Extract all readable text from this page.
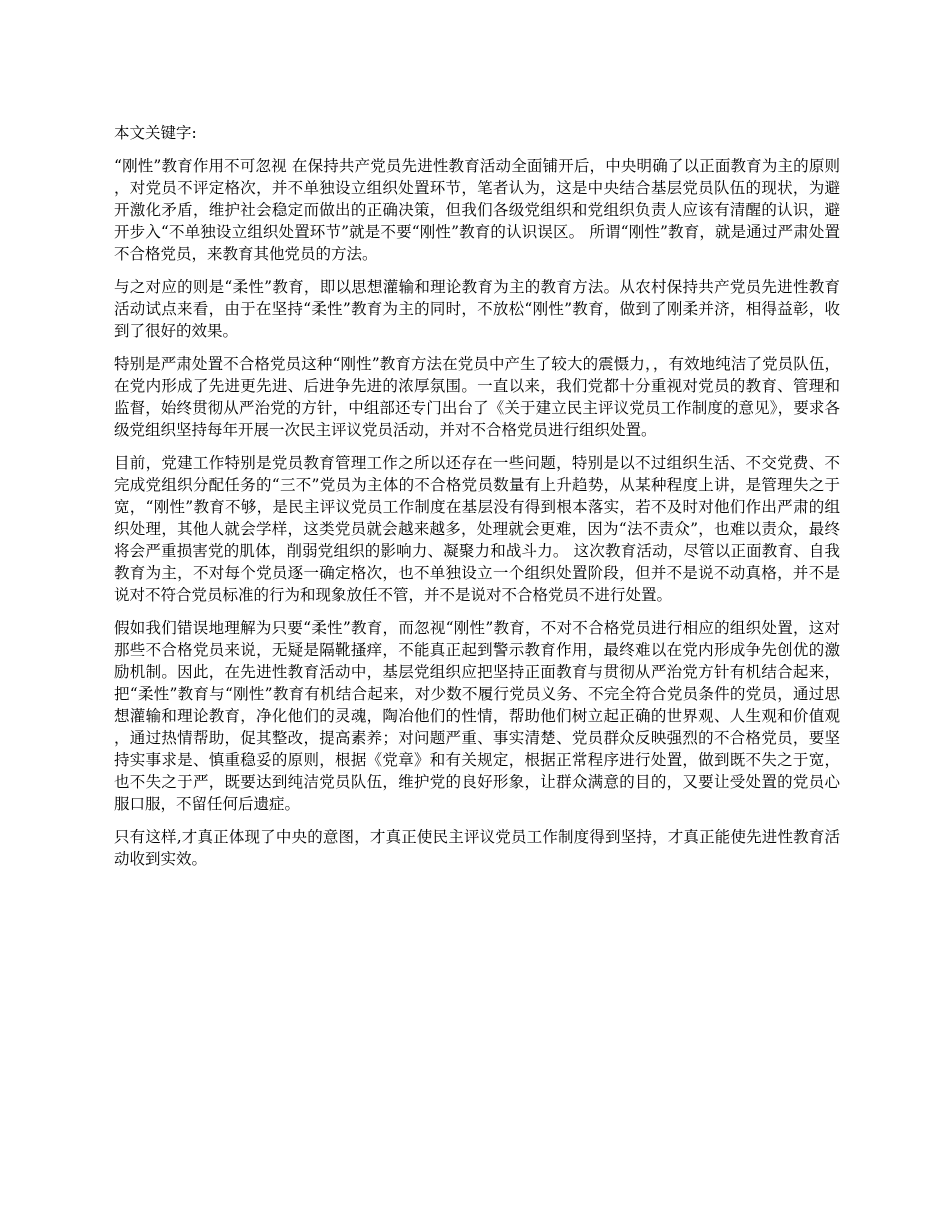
本文关键字:

“刚性”教育作用不可忽视 在保持共产党员先进性教育活动全面铺开后，中央明确了以正面教育为主的原则，对党员不评定格次，并不单独设立组织处置环节，笔者认为，这是中央结合基层党员队伍的现状，为避开激化矛盾，维护社会稳定而做出的正确决策，但我们各级党组织和党组织负责人应该有清醒的认识，避开步入“不单独设立组织处置环节”就是不要“刚性”教育的认识误区。 所谓“刚性”教育，就是通过严肃处置不合格党员，来教育其他党员的方法。

与之对应的则是“柔性”教育，即以思想灌输和理论教育为主的教育方法。从农村保持共产党员先进性教育活动试点来看，由于在坚持“柔性”教育为主的同时，不放松“刚性”教育，做到了刚柔并济，相得益彰，收到了很好的效果。

特别是严肃处置不合格党员这种“刚性”教育方法在党员中产生了较大的震慑力，，有效地纯洁了党员队伍，在党内形成了先进更先进、后进争先进的浓厚氛围。一直以来，我们党都十分重视对党员的教育、管理和监督，始终贯彻从严治党的方针，中组部还专门出台了《关于建立民主评议党员工作制度的意见》，要求各级党组织坚持每年开展一次民主评议党员活动，并对不合格党员进行组织处置。

目前，党建工作特别是党员教育管理工作之所以还存在一些问题，特别是以不过组织生活、不交党费、不完成党组织分配任务的“三不”党员为主体的不合格党员数量有上升趋势，从某种程度上讲，是管理失之于宽，“刚性”教育不够，是民主评议党员工作制度在基层没有得到根本落实，若不及时对他们作出严肃的组织处理，其他人就会学样，这类党员就会越来越多，处理就会更难，因为“法不责众”，也难以责众，最终将会严重损害党的肌体，削弱党组织的影响力、凝聚力和战斗力。 这次教育活动，尽管以正面教育、自我教育为主，不对每个党员逐一确定格次，也不单独设立一个组织处置阶段，但并不是说不动真格，并不是说对不符合党员标准的行为和现象放任不管，并不是说对不合格党员不进行处置。

假如我们错误地理解为只要“柔性”教育，而忽视“刚性”教育，不对不合格党员进行相应的组织处置，这对那些不合格党员来说，无疑是隔靴搔痒，不能真正起到警示教育作用，最终难以在党内形成争先创优的激励机制。因此，在先进性教育活动中，基层党组织应把坚持正面教育与贯彻从严治党方针有机结合起来，把“柔性”教育与“刚性”教育有机结合起来，对少数不履行党员义务、不完全符合党员条件的党员，通过思想灌输和理论教育，净化他们的灵魂，陶冶他们的性情，帮助他们树立起正确的世界观、人生观和价值观，通过热情帮助，促其整改，提高素养；对问题严重、事实清楚、党员群众反映强烈的不合格党员，要坚持实事求是、慎重稳妥的原则，根据《党章》和有关规定，根据正常程序进行处置，做到既不失之于宽，也不失之于严，既要达到纯洁党员队伍，维护党的良好形象，让群众满意的目的，又要让受处置的党员心服口服，不留任何后遗症。

只有这样,才真正体现了中央的意图，才真正使民主评议党员工作制度得到坚持，才真正能使先进性教育活动收到实效。
